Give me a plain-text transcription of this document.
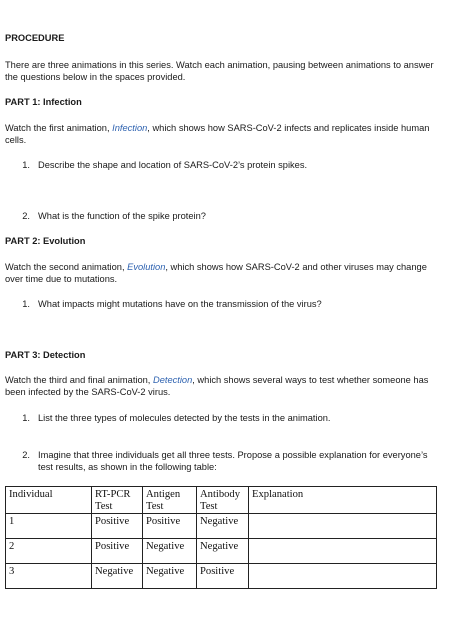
PROCEDURE
There are three animations in this series. Watch each animation, pausing between animations to answer
the questions below in the spaces provided.
PART 1: Infection
Watch the first animation, Infection, which shows how SARS-CoV-2 infects and replicates inside human
cells.
1. Describe the shape and location of SARS-CoV-2’s protein spikes.
2. What is the function of the spike protein?
PART 2: Evolution
Watch the second animation, Evolution, which shows how SARS-CoV-2 and other viruses may change
over time due to mutations.
1. What impacts might mutations have on the transmission of the virus?
PART 3: Detection
Watch the third and final animation, Detection, which shows several ways to test whether someone has
been infected by the SARS-CoV-2 virus.
1. List the three types of molecules detected by the tests in the animation.
2. Imagine that three individuals get all three tests. Propose a possible explanation for everyone’s
test results, as shown in the following table:
Individual	RT-PCR Test	Antigen Test	Antibody Test	Explanation
1	Positive	Positive	Negative	
2	Positive	Negative	Negative	
3	Negative	Negative	Positive	
